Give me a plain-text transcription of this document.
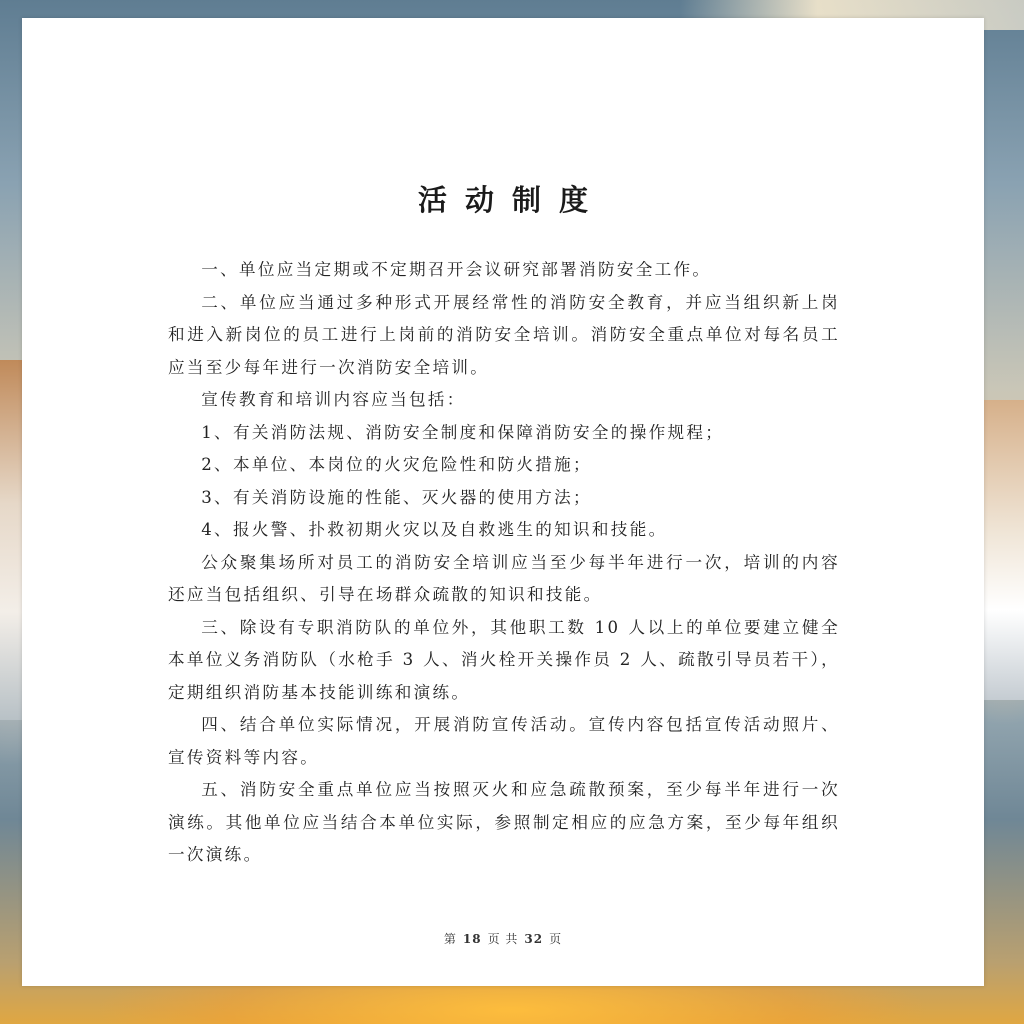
活动制度

一、单位应当定期或不定期召开会议研究部署消防安全工作。

二、单位应当通过多种形式开展经常性的消防安全教育，并应当组织新上岗和进入新岗位的员工进行上岗前的消防安全培训。消防安全重点单位对每名员工应当至少每年进行一次消防安全培训。

宣传教育和培训内容应当包括：

1、有关消防法规、消防安全制度和保障消防安全的操作规程；

2、本单位、本岗位的火灾危险性和防火措施；

3、有关消防设施的性能、灭火器的使用方法；

4、报火警、扑救初期火灾以及自救逃生的知识和技能。

公众聚集场所对员工的消防安全培训应当至少每半年进行一次，培训的内容还应当包括组织、引导在场群众疏散的知识和技能。

三、除设有专职消防队的单位外，其他职工数 10 人以上的单位要建立健全本单位义务消防队（水枪手 3 人、消火栓开关操作员 2 人、疏散引导员若干），定期组织消防基本技能训练和演练。

四、结合单位实际情况，开展消防宣传活动。宣传内容包括宣传活动照片、宣传资料等内容。

五、消防安全重点单位应当按照灭火和应急疏散预案，至少每半年进行一次演练。其他单位应当结合本单位实际，参照制定相应的应急方案，至少每年组织一次演练。

第 18 页 共 32 页
